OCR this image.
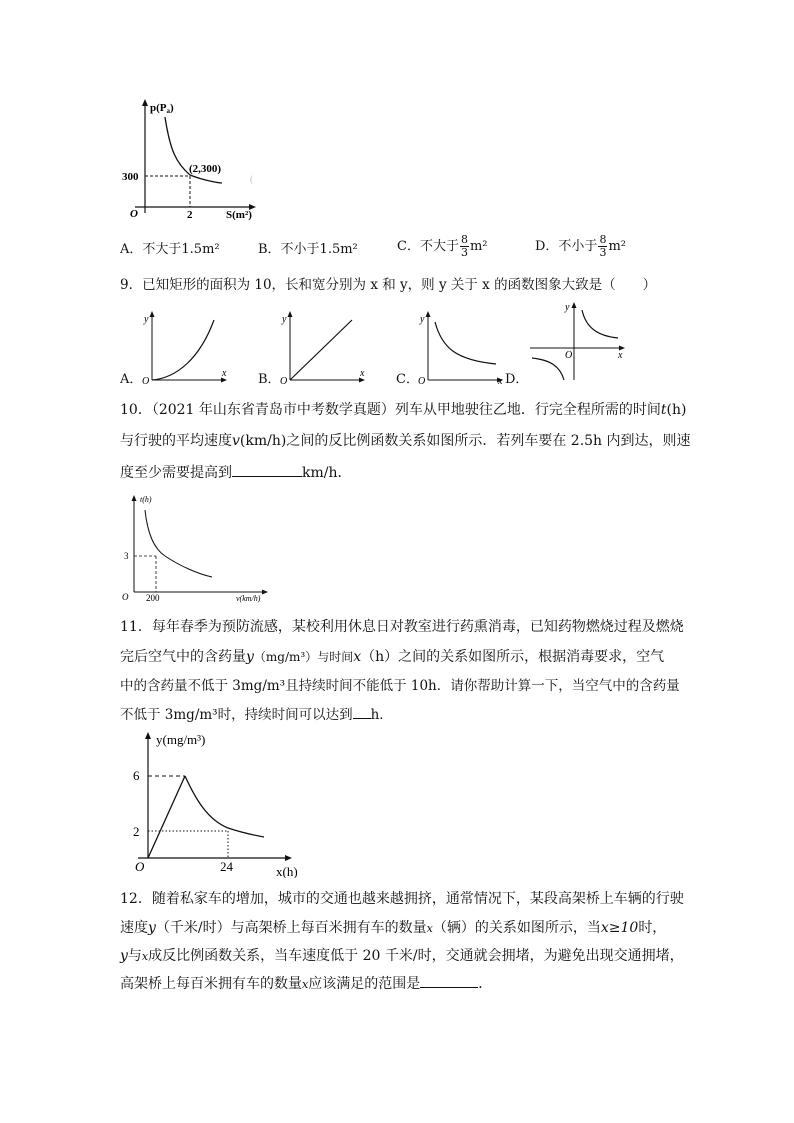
p(Pa)
(2,300)
300
O	2	S(m²)
(
A．不大于1.5m²	B．不小于1.5m²	C．不大于 $\frac{8}{3} m^2$	D．不小于 $\frac{8}{3} m^2$
9．已知矩形的面积为 10，长和宽分别为 x 和 y，则 y 关于 x 的函数图象大致是（　　）
A．
y
O
x B．
y
O
x C．
y
O	x D．
y
O	x
10．（2021 年山东省青岛市中考数学真题）列车从甲地驶往乙地．行完全程所需的时间t(h)
与行驶的平均速度v(km/h)之间的反比例函数关系如图所示．若列车要在 2.5h 内到达，则速
度至少需要提高到	km/h．
t(h)
3
O 200	v(km/h)
11．每年春季为预防流感，某校利用休息日对教室进行药熏消毒，已知药物燃烧过程及燃烧
完后空气中的含药量y（mg/m³）与时间x（h）之间的关系如图所示，根据消毒要求，空气
中的含药量不低于 3mg/m³且持续时间不能低于 10h．请你帮助计算一下，当空气中的含药量
不低于 3mg/m³时，持续时间可以达到 h．
y(mg/m³)
6
2
O	24	x(h)
12．随着私家车的增加，城市的交通也越来越拥挤，通常情况下，某段高架桥上车辆的行驶
速度y（千米/时）与高架桥上每百米拥有车的数量x（辆）的关系如图所示，当x≥10时，
y与x成反比例函数关系，当车速度低于 20 千米/时，交通就会拥堵，为避免出现交通拥堵，
高架桥上每百米拥有车的数量x应该满足的范围是	．
